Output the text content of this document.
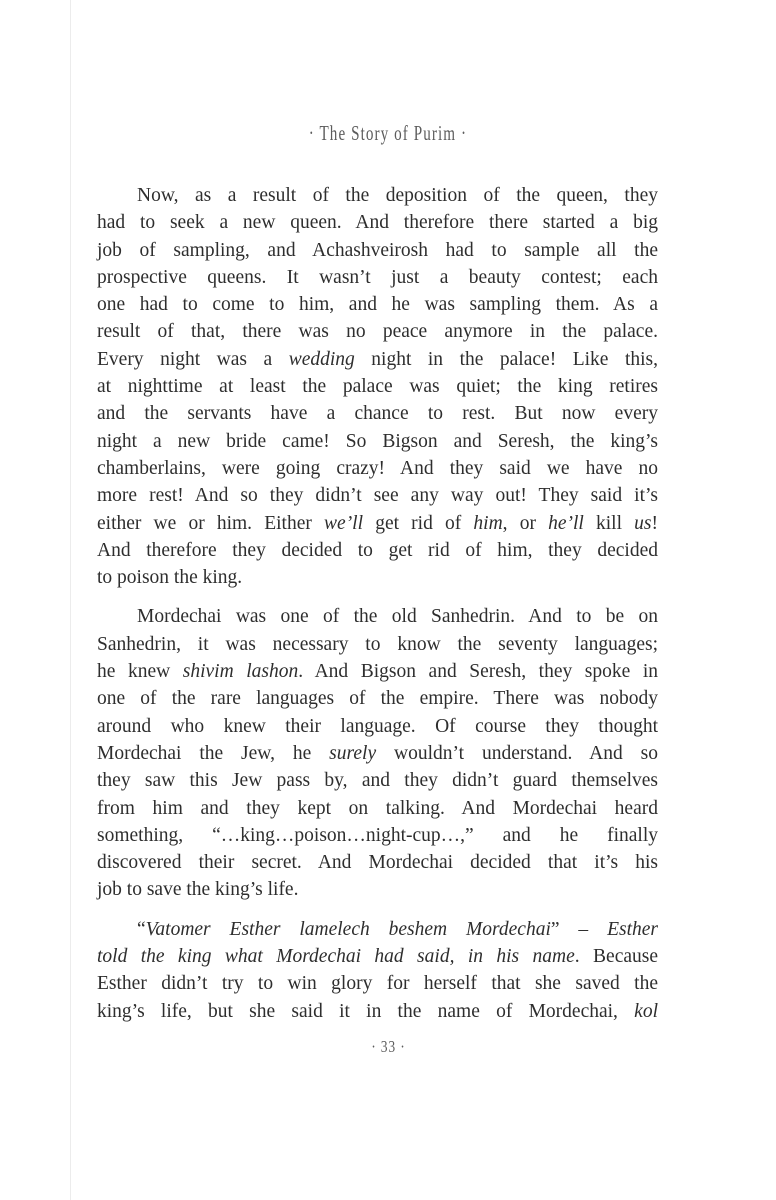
· The Story of Purim ·

Now, as a result of the deposition of the queen, they
had to seek a new queen. And therefore there started a big
job of sampling, and Achashveirosh had to sample all the
prospective queens. It wasn’t just a beauty contest; each
one had to come to him, and he was sampling them. As a
result of that, there was no peace anymore in the palace.
Every night was a wedding night in the palace! Like this,
at nighttime at least the palace was quiet; the king retires
and the servants have a chance to rest. But now every
night a new bride came! So Bigson and Seresh, the king’s
chamberlains, were going crazy! And they said we have no
more rest! And so they didn’t see any way out! They said it’s
either we or him. Either we’ll get rid of him, or he’ll kill us!
And therefore they decided to get rid of him, they decided
to poison the king.

Mordechai was one of the old Sanhedrin. And to be on
Sanhedrin, it was necessary to know the seventy languages;
he knew shivim lashon. And Bigson and Seresh, they spoke in
one of the rare languages of the empire. There was nobody
around who knew their language. Of course they thought
Mordechai the Jew, he surely wouldn’t understand. And so
they saw this Jew pass by, and they didn’t guard themselves
from him and they kept on talking. And Mordechai heard
something, “…king…poison…night-cup…,” and he finally
discovered their secret. And Mordechai decided that it’s his
job to save the king’s life.

“Vatomer Esther lamelech beshem Mordechai” – Esther
told the king what Mordechai had said, in his name. Because
Esther didn’t try to win glory for herself that she saved the
king’s life, but she said it in the name of Mordechai, kol

· 33 ·
